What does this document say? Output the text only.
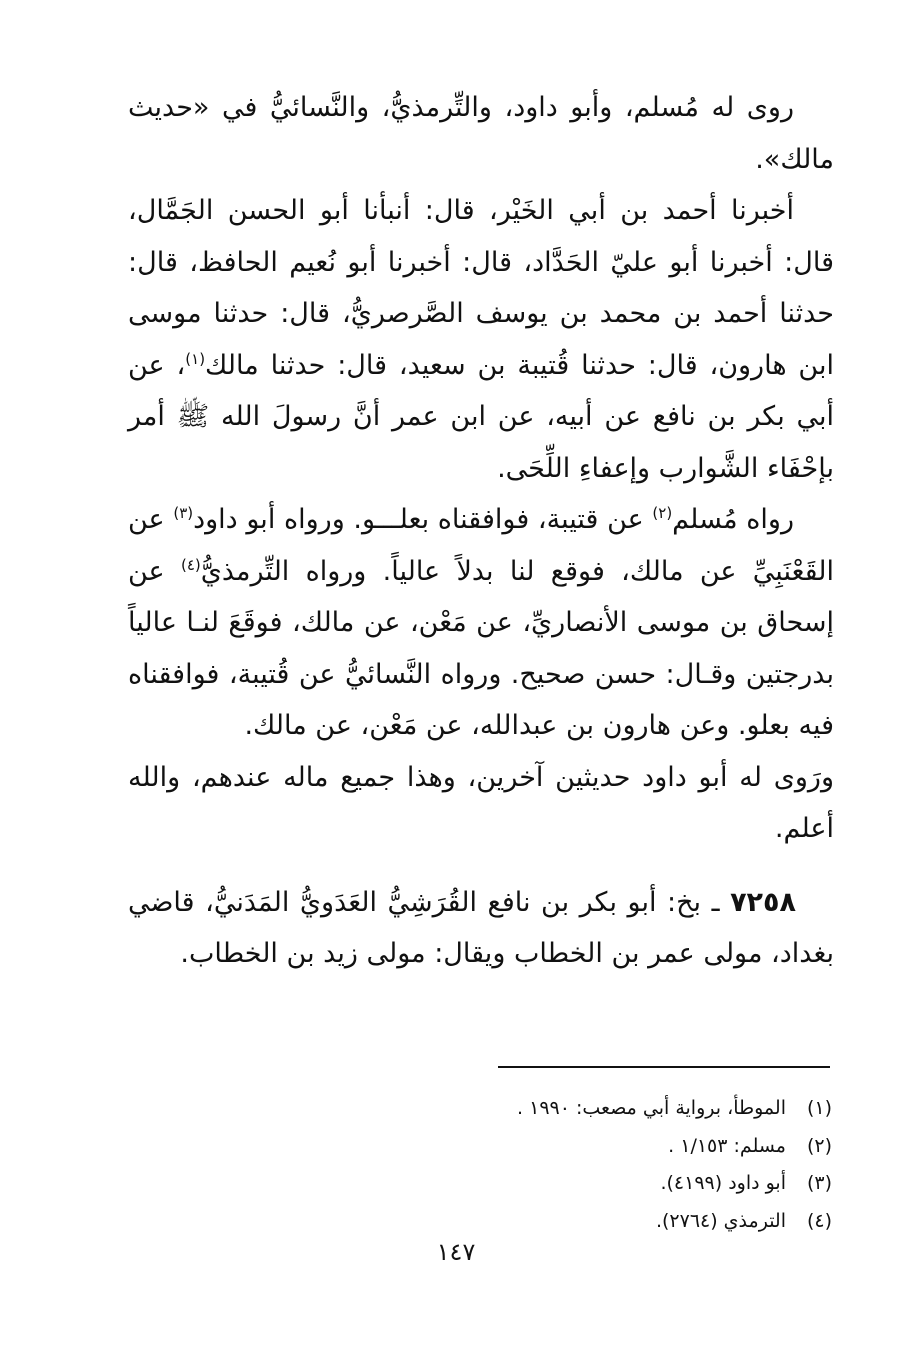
روى له مُسلم، وأبو داود، والتِّرمذيُّ، والنَّسائيُّ في «حديث مالك».

أخبرنا أحمد بن أبي الخَيْر، قال: أنبأنا أبو الحسن الجَمَّال، قال: أخبرنا أبو عليّ الحَدَّاد، قال: أخبرنا أبو نُعيم الحافظ، قال: حدثنا أحمد بن محمد بن يوسف الصَّرصريُّ، قال: حدثنا موسى ابن هارون، قال: حدثنا قُتيبة بن سعيد، قال: حدثنا مالك$^{(١)}$، عن أبي بكر بن نافع عن أبيه، عن ابن عمر أنَّ رسولَ الله ﷺ أمر بإحْفَاء الشَّوارب وإعفاءِ اللِّحَى.

رواه مُسلم$^{(٢)}$ عن قتيبة، فوافقناه بعلـــو. ورواه أبو داود$^{(٣)}$ عن القَعْنَبِيِّ عن مالك، فوقع لنا بدلاً عالياً. ورواه التِّرمذيُّ$^{(٤)}$ عن إسحاق بن موسى الأنصاريِّ، عن مَعْن، عن مالك، فوقَعَ لنـا عالياً بدرجتين وقـال: حسن صحيح. ورواه النَّسائيُّ عن قُتيبة، فوافقناه فيه بعلو. وعن هارون بن عبدالله، عن مَعْن، عن مالك.

ورَوى له أبو داود حديثين آخرين، وهذا جميع ماله عندهم، والله أعلم.

٧٢٥٨ ـ بخ: أبو بكر بن نافع القُرَشِيُّ العَدَويُّ المَدَنيُّ، قاضي بغداد، مولى عمر بن الخطاب ويقال: مولى زيد بن الخطاب.

(١)
الموطأ، برواية أبي مصعب: ١٩٩٠ .
(٢)
مسلم: ١/١٥٣ .
(٣)
أبو داود (٤١٩٩).
(٤)
الترمذي (٢٧٦٤).
١٤٧
